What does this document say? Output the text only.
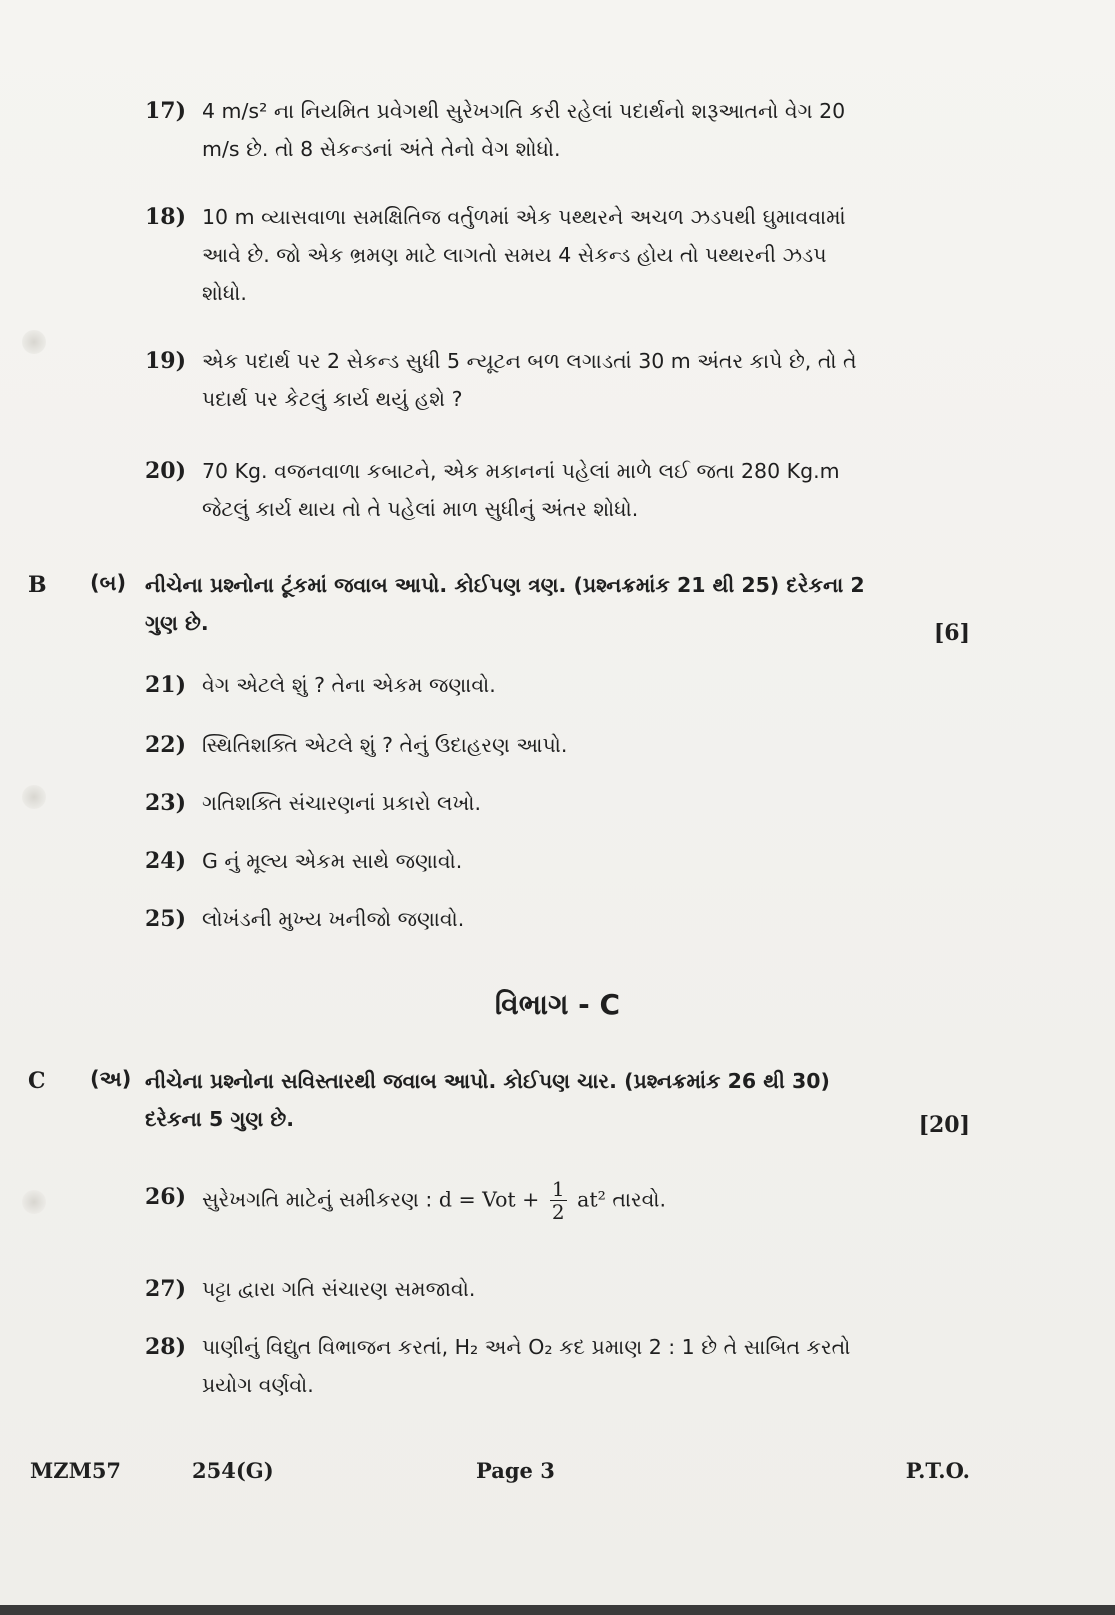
17) 4 m/s² ના નિયમિત પ્રવેગથી સુરેખગતિ કરી રહેલાં પદાર્થનો શરૂઆતનો વેગ 20 m/s છે. તો 8 સેકન્ડનાં અંતે તેનો વેગ શોધો.
18) 10 m વ્યાસવાળા સમક્ષિતિજ વર્તુળમાં એક પથ્થરને અચળ ઝડપથી ઘુમાવવામાં આવે છે. જો એક ભ્રમણ માટે લાગતો સમય 4 સેકન્ડ હોય તો પથ્થરની ઝડપ શોધો.
19) એક પદાર્થ પર 2 સેકન્ડ સુધી 5 ન્યૂટન બળ લગાડતાં 30 m અંતર કાપે છે, તો તે પદાર્થ પર કેટલું કાર્ય થયું હશે ?
20) 70 Kg. વજનવાળા કબાટને, એક મકાનનાં પહેલાં માળે લઈ જતા 280 Kg.m જેટલું કાર્ય થાય તો તે પહેલાં માળ સુધીનું અંતર શોધો.
B (બ) નીચેના પ્રશ્નોના ટૂંકમાં જવાબ આપો. કોઈપણ ત્રણ. (પ્રશ્નક્રમાંક 21 થી 25) દરેકના 2 ગુણ છે.	[6]
21) વેગ એટલે શું ? તેના એકમ જણાવો.
22) સ્થિતિશક્તિ એટલે શું ? તેનું ઉદાહરણ આપો.
23) ગતિશક્તિ સંચારણનાં પ્રકારો લખો.
24) G નું મૂલ્ય એકમ સાથે જણાવો.
25) લોખંડની મુખ્ય ખનીજો જણાવો.
વિભાગ - C
C (અ) નીચેના પ્રશ્નોના સવિસ્તારથી જવાબ આપો. કોઈપણ ચાર. (પ્રશ્નક્રમાંક 26 થી 30) દરેકના 5 ગુણ છે.	[20]
26) સુરેખગતિ માટેનું સમીકરણ : d = Vot + $\frac{1}{2} at^2$ તારવો.
27) પટ્ટા દ્વારા ગતિ સંચારણ સમજાવો.
28) પાણીનું વિદ્યુત વિભાજન કરતાં, H₂ અને O₂ કદ પ્રમાણ 2 : 1 છે તે સાબિત કરતો પ્રયોગ વર્ણવો.
MZM57	254(G)	Page 3	P.T.O.
